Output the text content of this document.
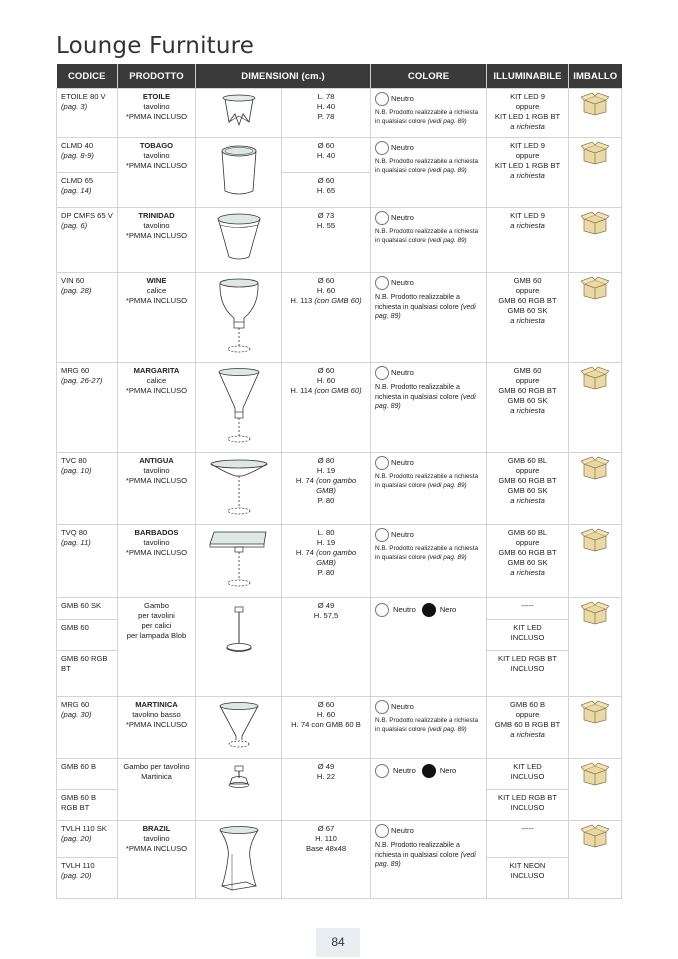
Lounge Furniture
CODICE	PRODOTTO	DIMENSIONI (cm.)		COLORE	ILLUMINABILE	IMBALLO
ETOILE 80 V
(pag. 3)	ETOILE
tavolino
*PMMA INCLUSO		L. 78
H. 40
P. 78	Neutro
N.B. Prodotto realizzabile a richiesta in qualsiasi colore (vedi pag. 89)	KIT LED 9
oppure
KIT LED 1 RGB BT
a richiesta	
CLMD 40
(pag. 8-9)	TOBAGO
tavolino
*PMMA INCLUSO		Ø 60
H. 40	Neutro
N.B. Prodotto realizzabile a richiesta in qualsiasi colore (vedi pag. 89)	KIT LED 9
oppure
KIT LED 1 RGB BT
a richiesta	
CLMD 65
(pag. 14)			Ø 60
H. 65			
DP CMFS 65 V
(pag. 6)	TRINIDAD
tavolino
*PMMA INCLUSO		Ø 73
H. 55	Neutro
N.B. Prodotto realizzabile a richiesta in qualsiasi colore (vedi pag. 89)	KIT LED 9
a richiesta	
VIN 60
(pag. 28)	WINE
calice
*PMMA INCLUSO		Ø 60
H. 60
H. 113 (con GMB 60)	Neutro
N.B. Prodotto realizzabile a richiesta in qualsiasi colore (vedi pag. 89)	GMB 60
oppure
GMB 60 RGB BT
GMB 60 SK
a richiesta	
MRG 60
(pag. 26-27)	MARGARITA
calice
*PMMA INCLUSO		Ø 60
H. 60
H. 114 (con GMB 60)	Neutro
N.B. Prodotto realizzabile a richiesta in qualsiasi colore (vedi pag. 89)	GMB 60
oppure
GMB 60 RGB BT
GMB 60 SK
a richiesta	
TVC 80
(pag. 10)	ANTIGUA
tavolino
*PMMA INCLUSO		Ø 80
H. 19
H. 74 (con gambo GMB)
P. 80	Neutro
N.B. Prodotto realizzabile a richiesta in qualsiasi colore (vedi pag. 89)	GMB 60 BL
oppure
GMB 60 RGB BT
GMB 60 SK
a richiesta	
TVQ 80
(pag. 11)	BARBADOS
tavolino
*PMMA INCLUSO		L. 80
H. 19
H. 74 (con gambo GMB)
P. 80	Neutro
N.B. Prodotto realizzabile a richiesta in qualsiasi colore (vedi pag. 89)	GMB 60 BL
oppure
GMB 60 RGB BT
GMB 60 SK
a richiesta	
GMB 60 SK	Gambo
per tavolini
per calici
per lampada Blob		Ø 49
H. 57,5	Neutro Nero	-----	
GMB 60					KIT LED
INCLUSO	
GMB 60 RGB BT					KIT LED RGB BT
INCLUSO	
MRG 60
(pag. 30)	MARTINICA
tavolino basso
*PMMA INCLUSO		Ø 60
H. 60
H. 74 con GMB 60 B	Neutro
N.B. Prodotto realizzabile a richiesta in qualsiasi colore (vedi pag. 89)	GMB 60 B
oppure
GMB 60 B RGB BT
a richiesta	
GMB 60 B	Gambo per tavolino
Martinica		Ø 49
H. 22	Neutro Nero	KIT LED
INCLUSO	
GMB 60 B
RGB BT					KIT LED RGB BT
INCLUSO	
TVLH 110 SK
(pag. 20)	BRAZIL
tavolino
*PMMA INCLUSO		Ø 67
H. 110
Base 48x48	Neutro
N.B. Prodotto realizzabile a richiesta in qualsiasi colore (vedi pag. 89)	-----	
TVLH 110
(pag. 20)					KIT NEON
INCLUSO	
84
